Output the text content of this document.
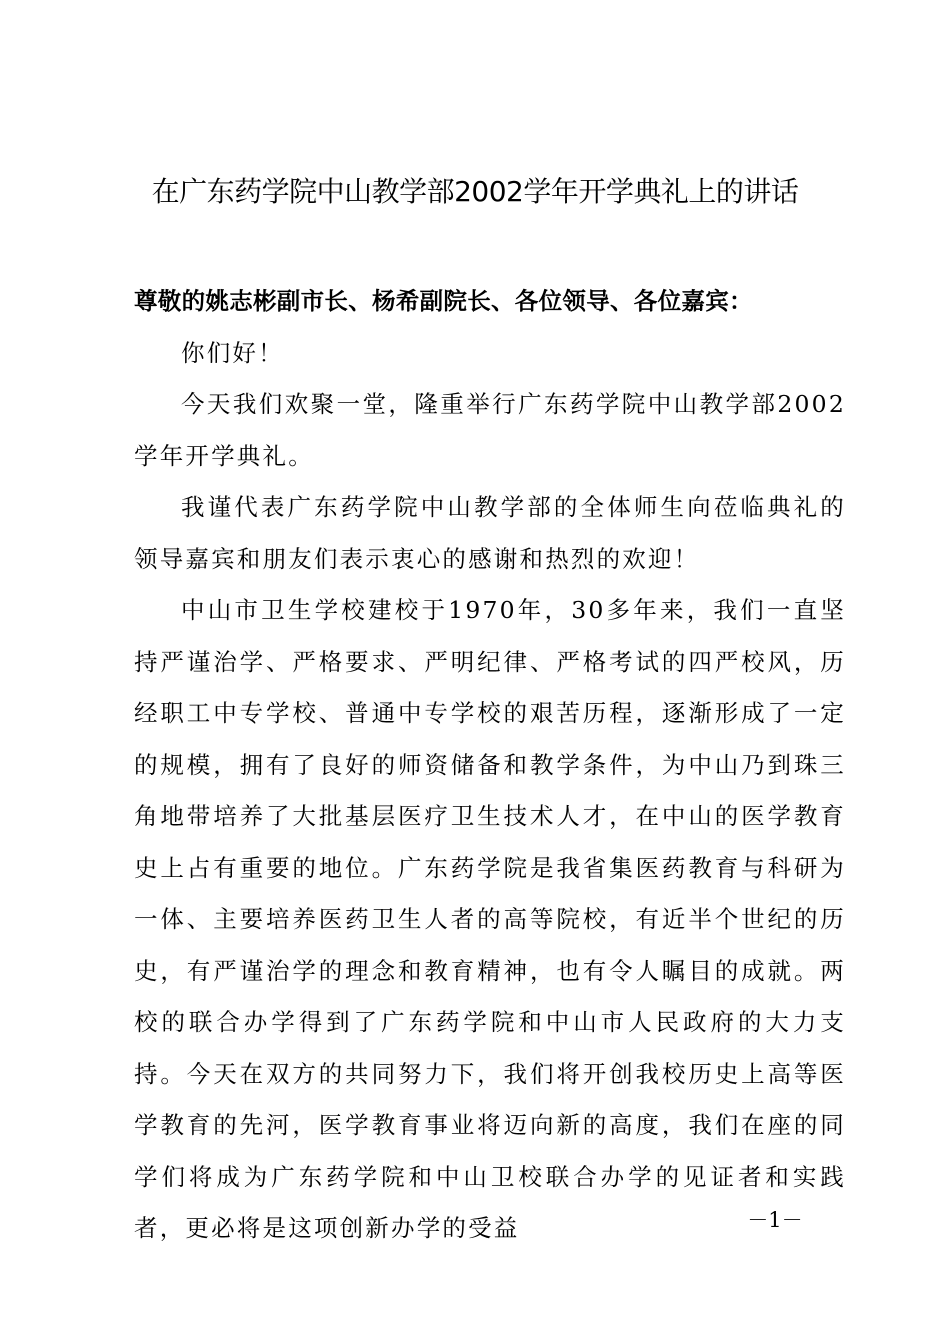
在广东药学院中山教学部2002学年开学典礼上的讲话
尊敬的姚志彬副市长、杨希副院长、各位领导、各位嘉宾：

你们好！

今天我们欢聚一堂，隆重举行广东药学院中山教学部2002学年开学典礼。

我谨代表广东药学院中山教学部的全体师生向莅临典礼的领导嘉宾和朋友们表示衷心的感谢和热烈的欢迎！

中山市卫生学校建校于1970年，30多年来，我们一直坚持严谨治学、严格要求、严明纪律、严格考试的四严校风，历经职工中专学校、普通中专学校的艰苦历程，逐渐形成了一定的规模，拥有了良好的师资储备和教学条件，为中山乃到珠三角地带培养了大批基层医疗卫生技术人才，在中山的医学教育史上占有重要的地位。广东药学院是我省集医药教育与科研为一体、主要培养医药卫生人者的高等院校，有近半个世纪的历史，有严谨治学的理念和教育精神，也有令人瞩目的成就。两校的联合办学得到了广东药学院和中山市人民政府的大力支持。今天在双方的共同努力下，我们将开创我校历史上高等医学教育的先河，医学教育事业将迈向新的高度，我们在座的同学们将成为广东药学院和中山卫校联合办学的见证者和实践者，更必将是这项创新办学的受益	－1－
